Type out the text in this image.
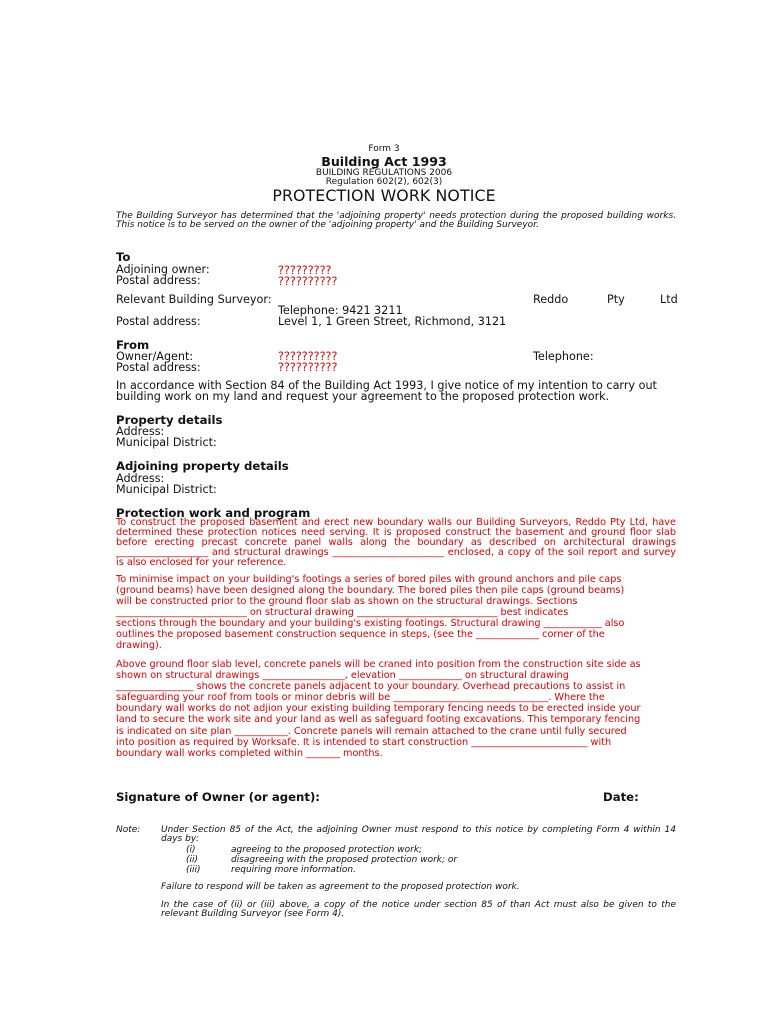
Form 3
Building Act 1993
BUILDING REGULATIONS 2006
Regulation 602(2), 602(3)
PROTECTION WORK NOTICE
The Building Surveyor has determined that the 'adjoining property' needs protection during the proposed building works. This notice is to be served on the owner of the 'adjoining property' and the Building Surveyor.
To
Adjoining owner:	?????????
Postal address:	??????????
Relevant Building Surveyor:	Reddo	Pty	Ltd
Telephone: 9421 3211
Postal address:	Level 1, 1 Green Street, Richmond, 3121
From
Owner/Agent:	??????????	Telephone:
Postal address:	??????????
In accordance with Section 84 of the Building Act 1993, I give notice of my intention to carry out
building work on my land and request your agreement to the proposed protection work.
Property details
Address:
Municipal District:
Adjoining property details
Address:
Municipal District:
Protection work and program
To construct the proposed basement and erect new boundary walls our Building Surveyors, Reddo Pty Ltd, have determined these protection notices need serving. It is proposed construct the basement and ground floor slab before erecting precast concrete panel walls along the boundary as described on architectural drawings ___________________ and structural drawings _______________________ enclosed, a copy of the soil report and survey is also enclosed for your reference.
To minimise impact on your building's footings a series of bored piles with ground anchors and pile caps
(ground beams) have been designed along the boundary. The bored piles then pile caps (ground beams)
will be constructed prior to the ground floor slab as shown on the structural drawings. Sections
___________________________ on structural drawing _____________________________ best indicates
sections through the boundary and your building's existing footings. Structural drawing ____________ also
outlines the proposed basement construction sequence in steps, (see the _____________ corner of the
drawing).
Above ground floor slab level, concrete panels will be craned into position from the construction site side as
shown on structural drawings _________________, elevation _____________ on structural drawing
________________ shows the concrete panels adjacent to your boundary. Overhead precautions to assist in
safeguarding your roof from tools or minor debris will be ________________________________. Where the
boundary wall works do not adjion your existing building temporary fencing needs to be erected inside your
land to secure the work site and your land as well as safeguard footing excavations. This temporary fencing
is indicated on site plan ___________. Concrete panels will remain attached to the crane until fully secured
into position as required by Worksafe. It is intended to start construction ________________________ with
boundary wall works completed within _______ months.
Signature of Owner (or agent):	Date:
Note: Under Section 85 of the Act, the adjoining Owner must respond to this notice by completing Form 4 within 14 days by:
(i)	agreeing to the proposed protection work;
(ii)	disagreeing with the proposed protection work; or
(iii)	requiring more information.
Failure to respond will be taken as agreement to the proposed protection work.
In the case of (ii) or (iii) above, a copy of the notice under section 85 of than Act must also be given to the relevant Building Surveyor (see Form 4).
